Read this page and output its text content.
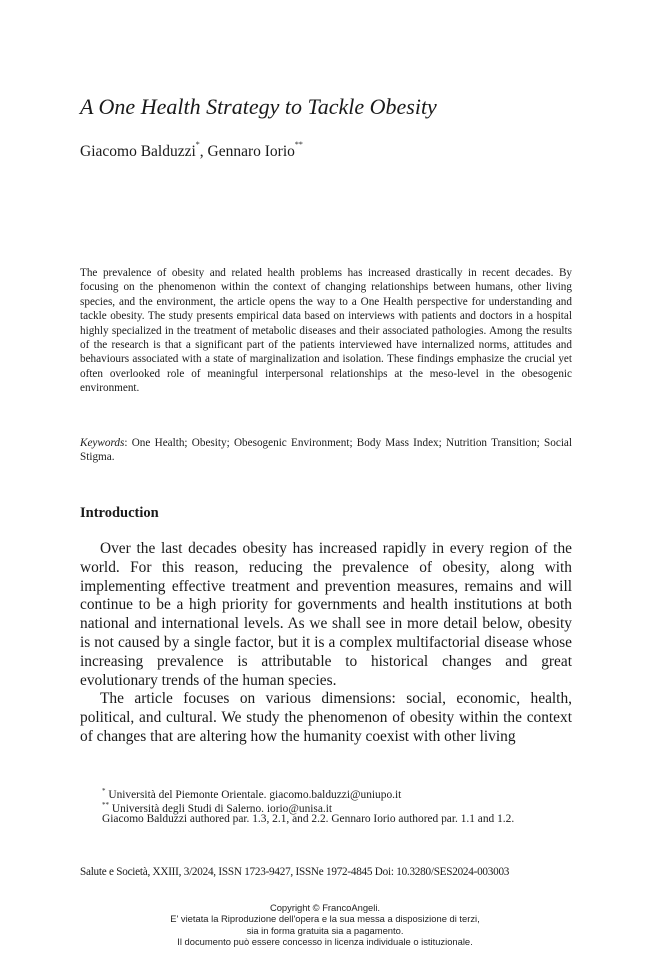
A One Health Strategy to Tackle Obesity
Giacomo Balduzzi*, Gennaro Iorio**
The prevalence of obesity and related health problems has increased drastically in recent decades. By focusing on the phenomenon within the context of changing relationships between humans, other living species, and the environment, the article opens the way to a One Health perspective for understanding and tackle obesity. The study presents empirical data based on interviews with patients and doctors in a hospital highly specialized in the treatment of metabolic diseases and their associated pathologies. Among the results of the research is that a significant part of the patients interviewed have internalized norms, attitudes and behaviours associated with a state of marginalization and isolation. These findings emphasize the crucial yet often overlooked role of meaningful interpersonal relationships at the meso-level in the obesogenic environment.
Keywords: One Health; Obesity; Obesogenic Environment; Body Mass Index; Nutrition Transition; Social Stigma.
Introduction

Over the last decades obesity has increased rapidly in every region of the world. For this reason, reducing the prevalence of obesity, along with implementing effective treatment and prevention measures, remains and will continue to be a high priority for governments and health institutions at both national and international levels. As we shall see in more detail below, obesity is not caused by a single factor, but it is a complex multifactorial disease whose increasing prevalence is attributable to historical changes and great evolutionary trends of the human species.

The article focuses on various dimensions: social, economic, health, political, and cultural. We study the phenomenon of obesity within the context of changes that are altering how the humanity coexist with other living

* Università del Piemonte Orientale. giacomo.balduzzi@uniupo.it
** Università degli Studi di Salerno. iorio@unisa.it
Giacomo Balduzzi authored par. 1.3, 2.1, and 2.2. Gennaro Iorio authored par. 1.1 and 1.2.
Salute e Società, XXIII, 3/2024, ISSN 1723-9427, ISSNe 1972-4845 Doi: 10.3280/SES2024-003003
Copyright © FrancoAngeli.
E' vietata la Riproduzione dell'opera e la sua messa a disposizione di terzi,
sia in forma gratuita sia a pagamento.
Il documento può essere concesso in licenza individuale o istituzionale.
